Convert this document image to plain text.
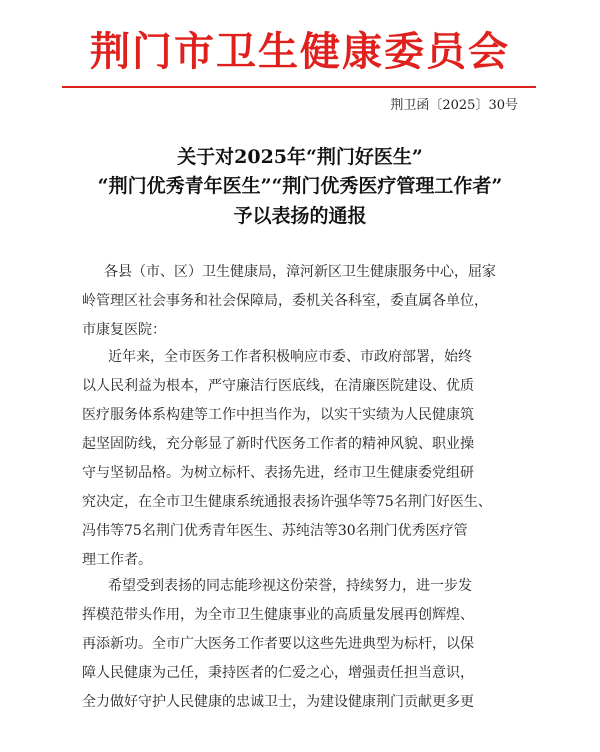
荆门市卫生健康委员会
荆卫函〔2025〕30号
关于对2025年“荆门好医生”
“荆门优秀青年医生”“荆门优秀医疗管理工作者”
予以表扬的通报
各县（市、区）卫生健康局，漳河新区卫生健康服务中心，屈家
岭管理区社会事务和社会保障局，委机关各科室，委直属各单位，
市康复医院：
近年来，全市医务工作者积极响应市委、市政府部署，始终
以人民利益为根本，严守廉洁行医底线，在清廉医院建设、优质
医疗服务体系构建等工作中担当作为，以实干实绩为人民健康筑
起坚固防线，充分彰显了新时代医务工作者的精神风貌、职业操
守与坚韧品格。为树立标杆、表扬先进，经市卫生健康委党组研
究决定，在全市卫生健康系统通报表扬许强华等75名荆门好医生、
冯伟等75名荆门优秀青年医生、苏纯洁等30名荆门优秀医疗管
理工作者。
希望受到表扬的同志能珍视这份荣誉，持续努力，进一步发
挥模范带头作用，为全市卫生健康事业的高质量发展再创辉煌、
再添新功。全市广大医务工作者要以这些先进典型为标杆，以保
障人民健康为己任，秉持医者的仁爱之心，增强责任担当意识，
全力做好守护人民健康的忠诚卫士，为建设健康荆门贡献更多更
